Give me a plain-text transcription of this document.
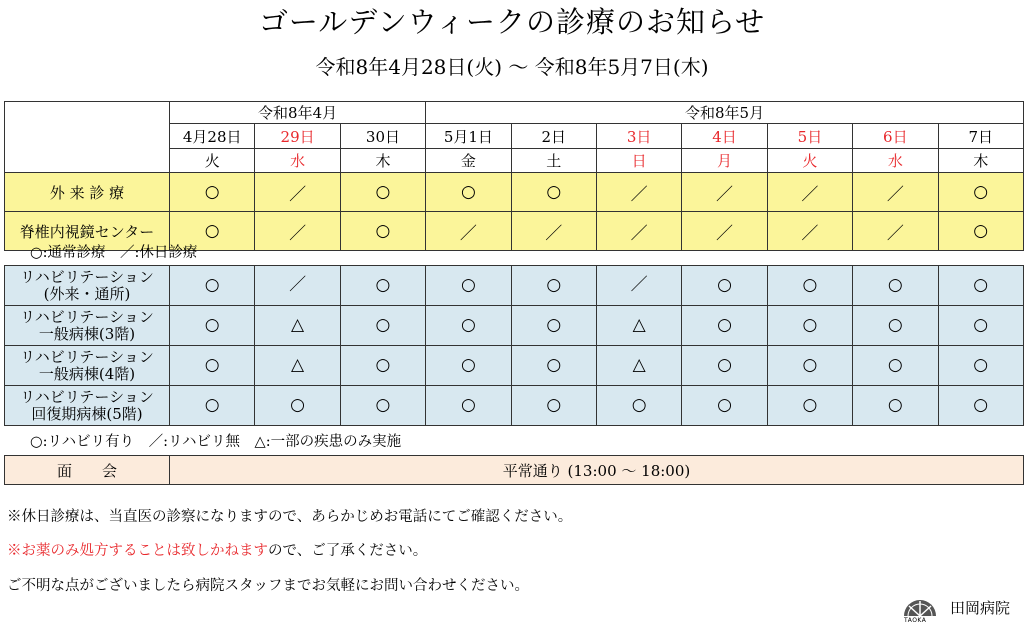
ゴールデンウィークの診療のお知らせ
令和8年4月28日(火) 〜 令和8年5月7日(木)
	令和8年4月			令和8年5月						
	4月28日	29日	30日	5月1日	2日	3日	4日	5日	6日	7日
	火	水	木	金	土	日	月	火	水	木
外 来 診 療	○	／	○	○	○	／	／	／	／	○
脊椎内視鏡センター	○	／	○	／	／	／	／	／	／	○
○:通常診療　／:休日診療
リハビリテーション
(外来・通所)	○	／	○	○	○	／	○	○	○	○

リハビリテーション
一般病棟(3階)	○	△	○	○	○	△	○	○	○	○

リハビリテーション
一般病棟(4階)	○	△	○	○	○	△	○	○	○	○

リハビリテーション
回復期病棟(5階)	○	○	○	○	○	○	○	○	○	○
○:リハビリ有り　／:リハビリ無　△:一部の疾患のみ実施
面　　会	平常通り (13:00 〜 18:00)
※休日診療は、当直医の診察になりますので、あらかじめお電話にてご確認ください。
※お薬のみ処方することは致しかねますので、ご了承ください。
ご不明な点がございましたら病院スタッフまでお気軽にお問い合わせください。
TAOKA
田岡病院
